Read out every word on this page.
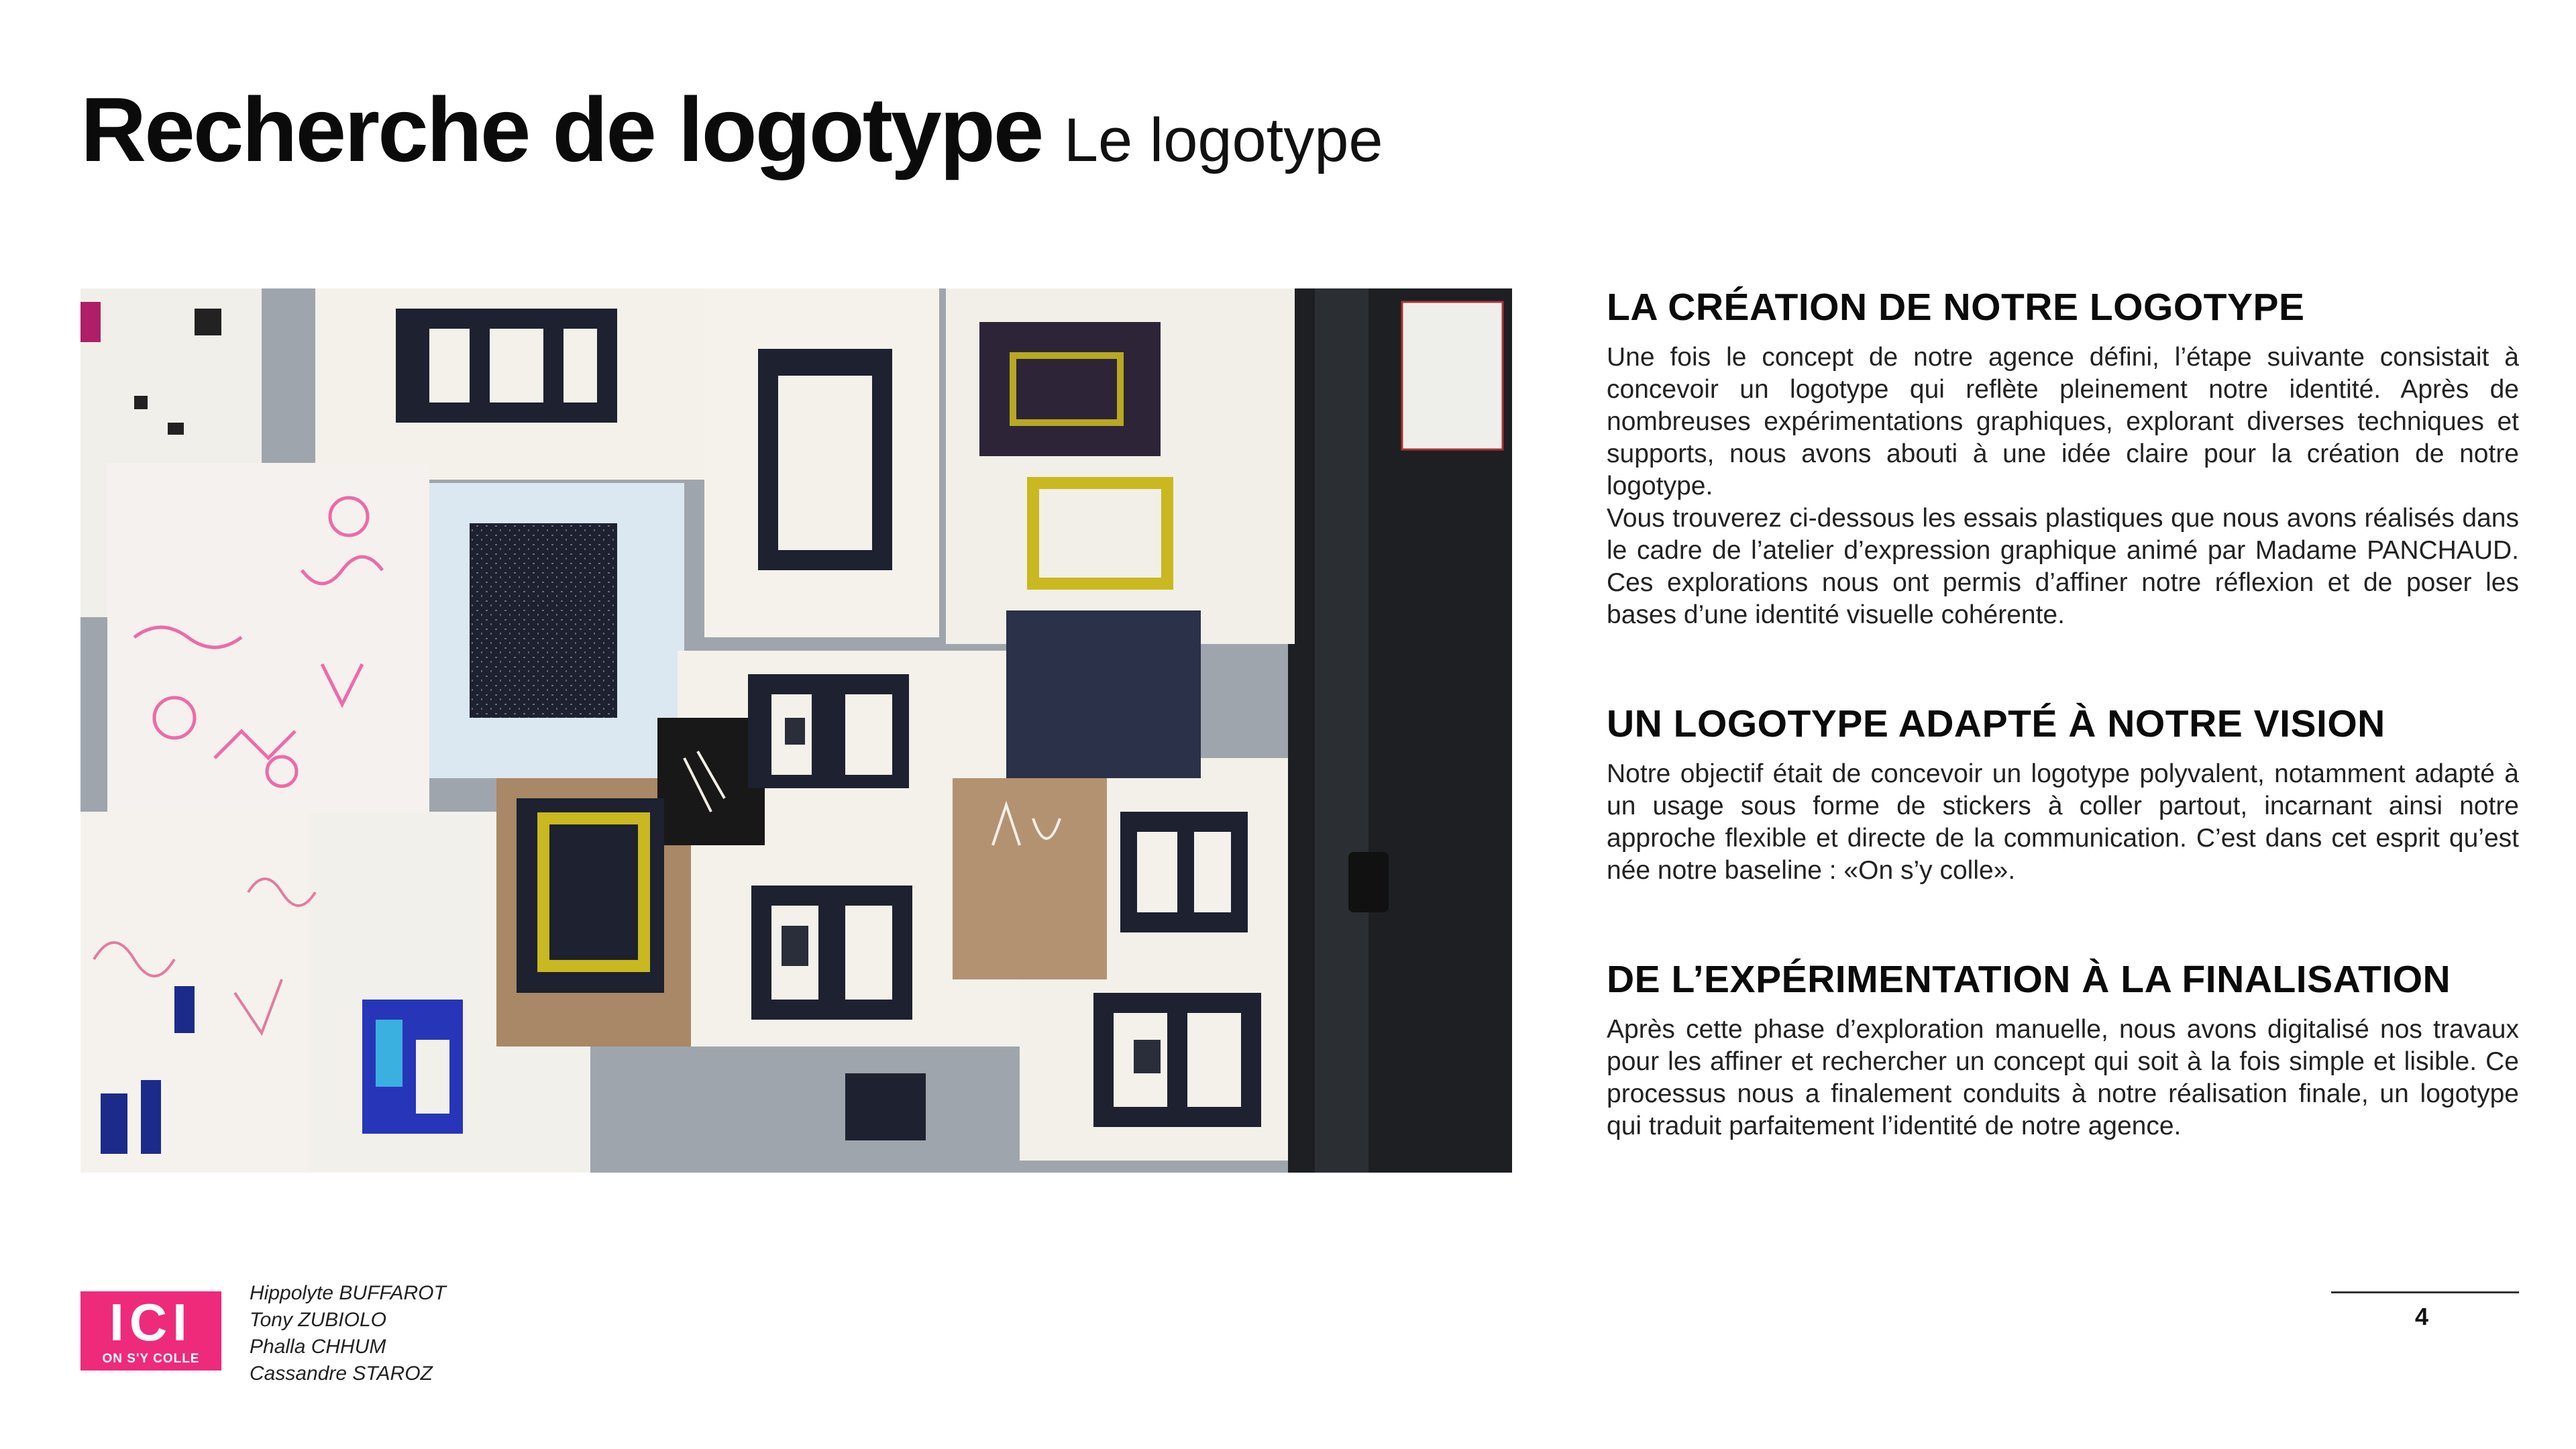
Recherche de logotype Le logotype
LA CRÉATION DE NOTRE LOGOTYPE

Une fois le concept de notre agence défini, l’étape suivante consistait à concevoir un logotype qui reflète pleinement notre identité. Après de nombreuses expérimentations graphiques, explorant diverses techniques et supports, nous avons abouti à une idée claire pour la création de notre logotype.

Vous trouverez ci-dessous les essais plastiques que nous avons réalisés dans le cadre de l’atelier d’expression graphique animé par Madame PANCHAUD. Ces explorations nous ont permis d’affiner notre réflexion et de poser les bases d’une identité visuelle cohérente.

UN LOGOTYPE ADAPTÉ À NOTRE VISION

Notre objectif était de concevoir un logotype polyvalent, notamment adapté à un usage sous forme de stickers à coller partout, incarnant ainsi notre approche flexible et directe de la communication. C’est dans cet esprit qu’est née notre baseline : «On s’y colle».

DE L’EXPÉRIMENTATION À LA FINALISATION

Après cette phase d’exploration manuelle, nous avons digitalisé nos travaux pour les affiner et rechercher un concept qui soit à la fois simple et lisible. Ce processus nous a finalement conduits à notre réalisation finale, un logotype qui traduit parfaitement l’identité de notre agence.

ICI
ON S'Y COLLE
Hippolyte BUFFAROT
Tony ZUBIOLO
Phalla CHHUM
Cassandre STAROZ
4
